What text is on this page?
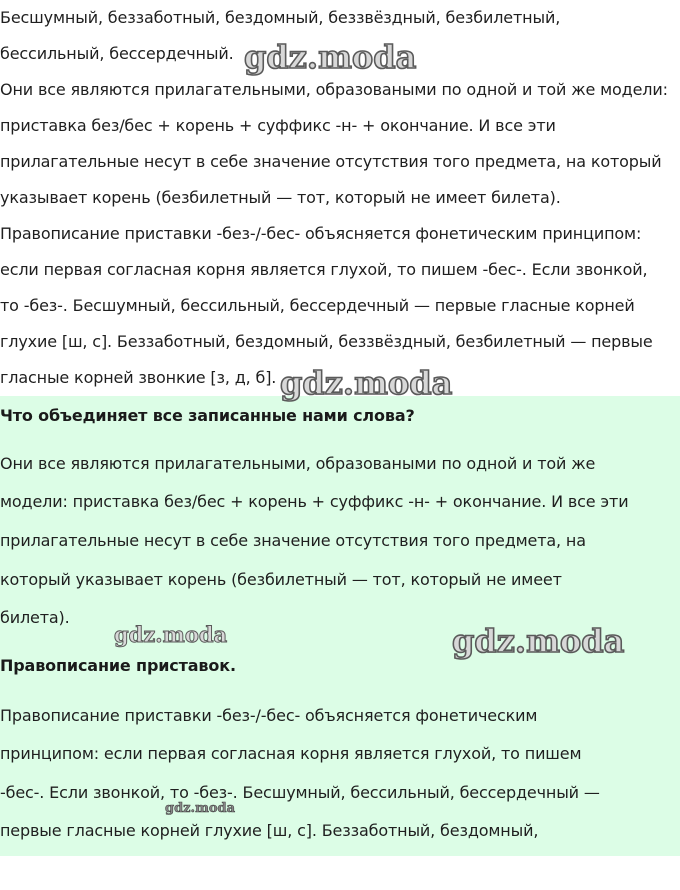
Бесшумный, беззаботный, бездомный, беззвёздный, безбилетный,
бессильный, бессердечный.
Они все являются прилагательными, образоваными по одной и той же модели:
приставка без/бес + корень + суффикс -н- + окончание. И все эти
прилагательные несут в себе значение отсутствия того предмета, на который
указывает корень (безбилетный — тот, который не имеет билета).
Правописание приставки -без-/-бес- объясняется фонетическим принципом:
если первая согласная корня является глухой, то пишем -бес-. Если звонкой,
то -без-. Бесшумный, бессильный, бессердечный — первые гласные корней
глухие [ш, с]. Беззаботный, бездомный, беззвёздный, безбилетный — первые
гласные корней звонкие [з, д, б].
Что объединяет все записанные нами слова?
Они все являются прилагательными, образоваными по одной и той же
модели: приставка без/бес + корень + суффикс -н- + окончание. И все эти
прилагательные несут в себе значение отсутствия того предмета, на
который указывает корень (безбилетный — тот, который не имеет
билета).
Правописание приставок.
Правописание приставки -без-/-бес- объясняется фонетическим
принципом: если первая согласная корня является глухой, то пишем
-бес-. Если звонкой, то -без-. Бесшумный, бессильный, бессердечный —
первые гласные корней глухие [ш, с]. Беззаботный, бездомный,
gdz.moda
gdz.moda
gdz.moda
gdz.moda
gdz.moda
